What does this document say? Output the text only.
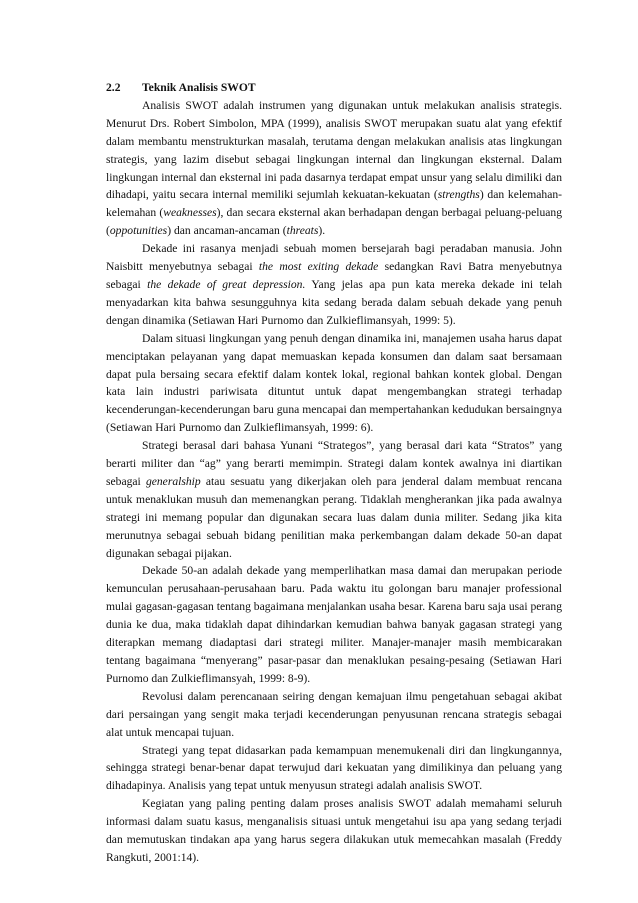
2.2 Teknik Analisis SWOT

Analisis SWOT adalah instrumen yang digunakan untuk melakukan analisis strategis. Menurut Drs. Robert Simbolon, MPA (1999), analisis SWOT merupakan suatu alat yang efektif dalam membantu menstrukturkan masalah, terutama dengan melakukan analisis atas lingkungan strategis, yang lazim disebut sebagai lingkungan internal dan lingkungan eksternal. Dalam lingkungan internal dan eksternal ini pada dasarnya terdapat empat unsur yang selalu dimiliki dan dihadapi, yaitu secara internal memiliki sejumlah kekuatan-kekuatan (strengths) dan kelemahan-kelemahan (weaknesses), dan secara eksternal akan berhadapan dengan berbagai peluang-peluang (oppotunities) dan ancaman-ancaman (threats).

Dekade ini rasanya menjadi sebuah momen bersejarah bagi peradaban manusia. John Naisbitt menyebutnya sebagai the most exiting dekade sedangkan Ravi Batra menyebutnya sebagai the dekade of great depression. Yang jelas apa pun kata mereka dekade ini telah menyadarkan kita bahwa sesungguhnya kita sedang berada dalam sebuah dekade yang penuh dengan dinamika (Setiawan Hari Purnomo dan Zulkieflimansyah, 1999: 5).

Dalam situasi lingkungan yang penuh dengan dinamika ini, manajemen usaha harus dapat menciptakan pelayanan yang dapat memuaskan kepada konsumen dan dalam saat bersamaan dapat pula bersaing secara efektif dalam kontek lokal, regional bahkan kontek global. Dengan kata lain industri pariwisata dituntut untuk dapat mengembangkan strategi terhadap kecenderungan-kecenderungan baru guna mencapai dan mempertahankan kedudukan bersaingnya (Setiawan Hari Purnomo dan Zulkieflimansyah, 1999: 6).

Strategi berasal dari bahasa Yunani “Strategos”, yang berasal dari kata “Stratos” yang berarti militer dan “ag” yang berarti memimpin. Strategi dalam kontek awalnya ini diartikan sebagai generalship atau sesuatu yang dikerjakan oleh para jenderal dalam membuat rencana untuk menaklukan musuh dan memenangkan perang. Tidaklah mengherankan jika pada awalnya strategi ini memang popular dan digunakan secara luas dalam dunia militer. Sedang jika kita merunutnya sebagai sebuah bidang penilitian maka perkembangan dalam dekade 50-an dapat digunakan sebagai pijakan.

Dekade 50-an adalah dekade yang memperlihatkan masa damai dan merupakan periode kemunculan perusahaan-perusahaan baru. Pada waktu itu golongan baru manajer professional mulai gagasan-gagasan tentang bagaimana menjalankan usaha besar. Karena baru saja usai perang dunia ke dua, maka tidaklah dapat dihindarkan kemudian bahwa banyak gagasan strategi yang diterapkan memang diadaptasi dari strategi militer. Manajer-manajer masih membicarakan tentang bagaimana “menyerang” pasar-pasar dan menaklukan pesaing-pesaing (Setiawan Hari Purnomo dan Zulkieflimansyah, 1999: 8-9).

Revolusi dalam perencanaan seiring dengan kemajuan ilmu pengetahuan sebagai akibat dari persaingan yang sengit maka terjadi kecenderungan penyusunan rencana strategis sebagai alat untuk mencapai tujuan.

Strategi yang tepat didasarkan pada kemampuan menemukenali diri dan lingkungannya, sehingga strategi benar-benar dapat terwujud dari kekuatan yang dimilikinya dan peluang yang dihadapinya. Analisis yang tepat untuk menyusun strategi adalah analisis SWOT.

Kegiatan yang paling penting dalam proses analisis SWOT adalah memahami seluruh informasi dalam suatu kasus, menganalisis situasi untuk mengetahui isu apa yang sedang terjadi dan memutuskan tindakan apa yang harus segera dilakukan utuk memecahkan masalah (Freddy Rangkuti, 2001:14).
